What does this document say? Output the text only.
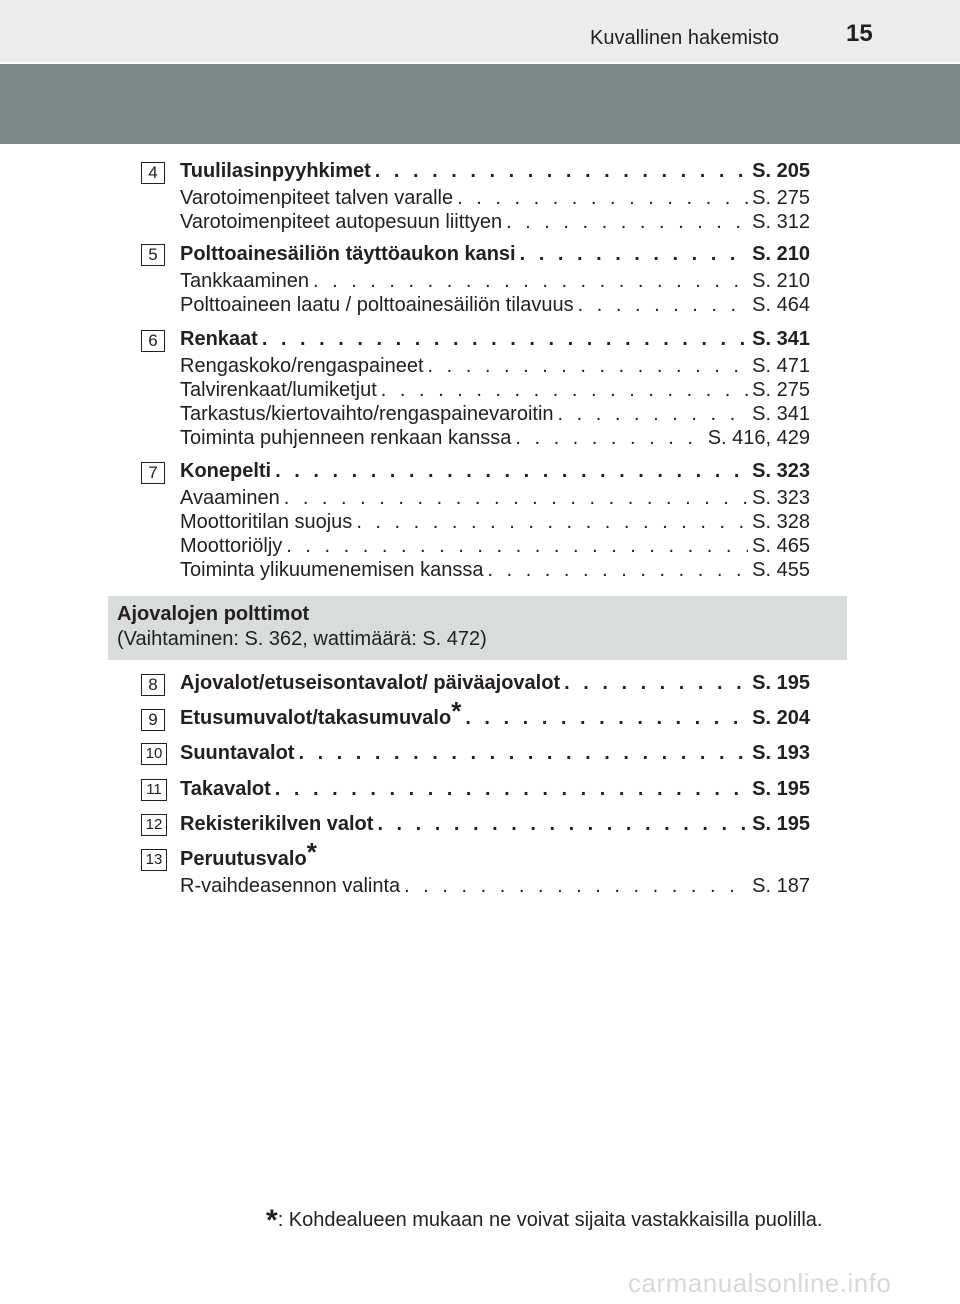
Kuvallinen hakemisto	15
4	Tuulilasinpyyhkimet . . .	S. 205
Varotoimenpiteet talven varalle . . .	S. 275
Varotoimenpiteet autopesuun liittyen . . .	S. 312
5	Polttoainesäiliön täyttöaukon kansi . . .	S. 210
Tankkaaminen . . .	S. 210
Polttoaineen laatu / polttoainesäiliön tilavuus . . .	S. 464
6	Renkaat . . .	S. 341
Rengaskoko/rengaspaineet . . .	S. 471
Talvirenkaat/lumiketjut . . .	S. 275
Tarkastus/kiertovaihto/rengaspainevaroitin . . .	S. 341
Toiminta puhjenneen renkaan kanssa . . .	S. 416, 429
7	Konepelti . . .	S. 323
Avaaminen . . .	S. 323
Moottoritilan suojus . . .	S. 328
Moottoriöljy . . .	S. 465
Toiminta ylikuumenemisen kanssa . . .	S. 455
Ajovalojen polttimot
(Vaihtaminen: S. 362, wattimäärä: S. 472)
8	Ajovalot/etuseisontavalot/ päiväajovalot . . .	S. 195
9	Etusumuvalot/takasumuvalo* . . .	S. 204
10 Suuntavalot . . .	S. 193
11 Takavalot . . .	S. 195
12 Rekisterikilven valot . . .	S. 195
13 Peruutusvalo*
R-vaihdeasennon valinta . . .	S. 187
*: Kohdealueen mukaan ne voivat sijaita vastakkaisilla puolilla.
carmanualsonline.info
